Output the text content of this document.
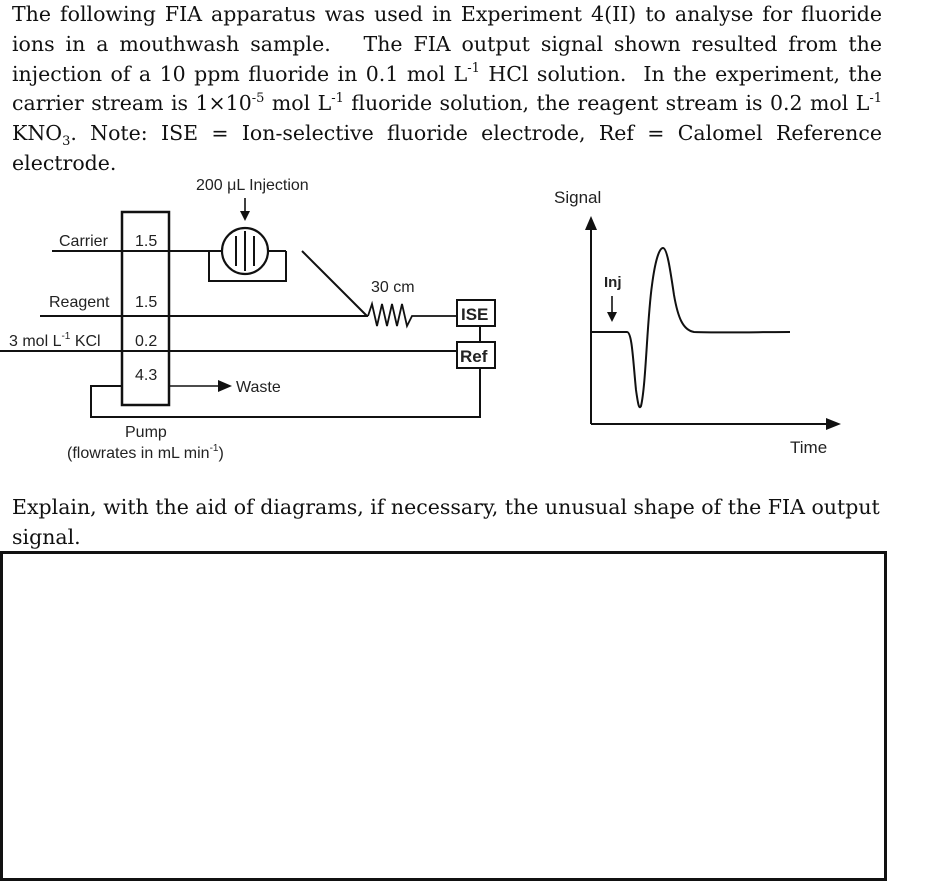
The following FIA apparatus was used in Experiment 4(II) to analyse for fluoride ions in a mouthwash sample. The FIA output signal shown resulted from the injection of a 10 ppm fluoride in 0.1 mol $L^{-1}$ HCl solution. In the experiment, the carrier stream is $1\times 10^{-5}$ mol $L^{-1}$ fluoride solution, the reagent stream is 0.2 mol $L^{-1}$ $KNO_3$. Note: ISE = Ion-selective fluoride electrode, Ref = Calomel Reference electrode.

200 μL Injection
30 cm
ISE
Ref
Carrier 1.5
Reagent 1.5
3 mol $L^{-1}$ KCl 0.2
4.3
Waste
Pump
(flowrates in mL $\min^{-1}$)
Signal
Time
Inj

Explain, with the aid of diagrams, if necessary, the unusual shape of the FIA output signal.
